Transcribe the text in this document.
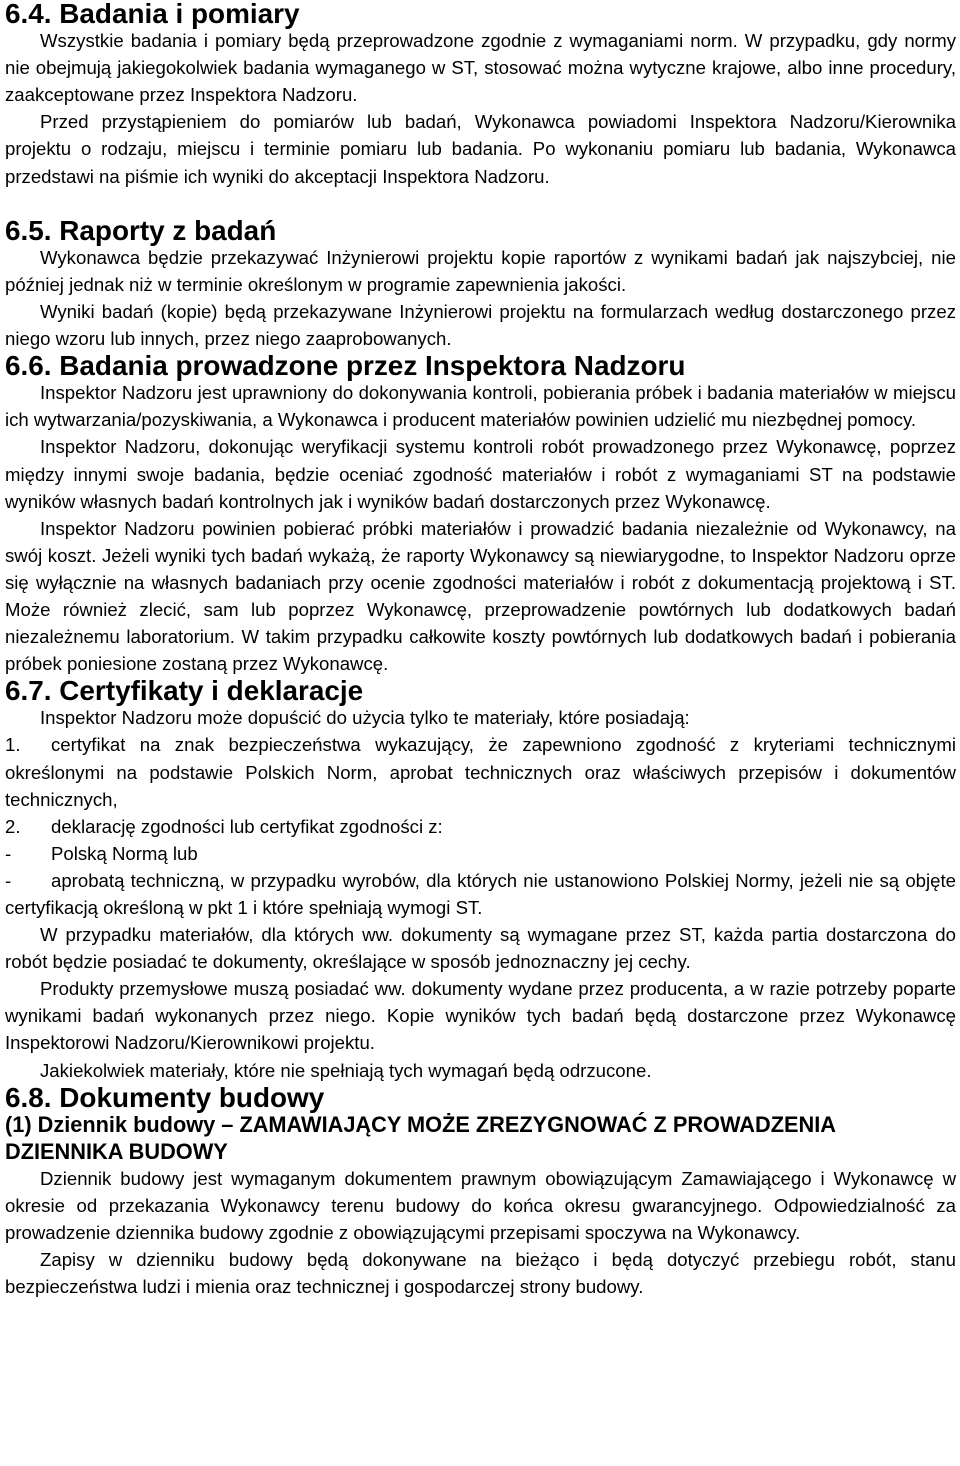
6.4. Badania i pomiary

Wszystkie badania i pomiary będą przeprowadzone zgodnie z wymaganiami norm. W przypadku, gdy normy nie obejmują jakiegokolwiek badania wymaganego w ST, stosować można wytyczne krajowe, albo inne procedury, zaakceptowane przez Inspektora Nadzoru.

Przed przystąpieniem do pomiarów lub badań, Wykonawca powiadomi Inspektora Nadzoru/Kierownika projektu o rodzaju, miejscu i terminie pomiaru lub badania. Po wykonaniu pomiaru lub badania, Wykonawca przedstawi na piśmie ich wyniki do akceptacji Inspektora Nadzoru.

6.5. Raporty z badań

Wykonawca będzie przekazywać Inżynierowi projektu kopie raportów z wynikami badań jak najszybciej, nie później jednak niż w terminie określonym w programie zapewnienia jakości.

Wyniki badań (kopie) będą przekazywane Inżynierowi projektu na formularzach według dostarczonego przez niego wzoru lub innych, przez niego zaaprobowanych.

6.6. Badania prowadzone przez Inspektora Nadzoru

Inspektor Nadzoru jest uprawniony do dokonywania kontroli, pobierania próbek i badania materiałów w miejscu ich wytwarzania/pozyskiwania, a Wykonawca i producent materiałów powinien udzielić mu niezbędnej pomocy.

Inspektor Nadzoru, dokonując weryfikacji systemu kontroli robót prowadzonego przez Wykonawcę, poprzez między innymi swoje badania, będzie oceniać zgodność materiałów i robót z wymaganiami ST na podstawie wyników własnych badań kontrolnych jak i wyników badań dostarczonych przez Wykonawcę.

Inspektor Nadzoru powinien pobierać próbki materiałów i prowadzić badania niezależnie od Wykonawcy, na swój koszt. Jeżeli wyniki tych badań wykażą, że raporty Wykonawcy są niewiarygodne, to Inspektor Nadzoru oprze się wyłącznie na własnych badaniach przy ocenie zgodności materiałów i robót z dokumentacją projektową i ST. Może również zlecić, sam lub poprzez Wykonawcę, przeprowadzenie powtórnych lub dodatkowych badań niezależnemu laboratorium. W takim przypadku całkowite koszty powtórnych lub dodatkowych badań i pobierania próbek poniesione zostaną przez Wykonawcę.

6.7. Certyfikaty i deklaracje

Inspektor Nadzoru może dopuścić do użycia tylko te materiały, które posiadają:

1. certyfikat na znak bezpieczeństwa wykazujący, że zapewniono zgodność z kryteriami technicznymi określonymi na podstawie Polskich Norm, aprobat technicznych oraz właściwych przepisów i dokumentów technicznych,

2. deklarację zgodności lub certyfikat zgodności z:

- Polską Normą lub

- aprobatą techniczną, w przypadku wyrobów, dla których nie ustanowiono Polskiej Normy, jeżeli nie są objęte certyfikacją określoną w pkt 1 i które spełniają wymogi ST.

W przypadku materiałów, dla których ww. dokumenty są wymagane przez ST, każda partia dostarczona do robót będzie posiadać te dokumenty, określające w sposób jednoznaczny jej cechy.

Produkty przemysłowe muszą posiadać ww. dokumenty wydane przez producenta, a w razie potrzeby poparte wynikami badań wykonanych przez niego. Kopie wyników tych badań będą dostarczone przez Wykonawcę Inspektorowi Nadzoru/Kierownikowi projektu.

Jakiekolwiek materiały, które nie spełniają tych wymagań będą odrzucone.

6.8. Dokumenty budowy
(1) Dziennik budowy – ZAMAWIAJĄCY MOŻE ZREZYGNOWAĆ Z PROWADZENIA DZIENNIKA BUDOWY

Dziennik budowy jest wymaganym dokumentem prawnym obowiązującym Zamawiającego i Wykonawcę w okresie od przekazania Wykonawcy terenu budowy do końca okresu gwarancyjnego. Odpowiedzialność za prowadzenie dziennika budowy zgodnie z obowiązującymi przepisami spoczywa na Wykonawcy.

Zapisy w dzienniku budowy będą dokonywane na bieżąco i będą dotyczyć przebiegu robót, stanu bezpieczeństwa ludzi i mienia oraz technicznej i gospodarczej strony budowy.
